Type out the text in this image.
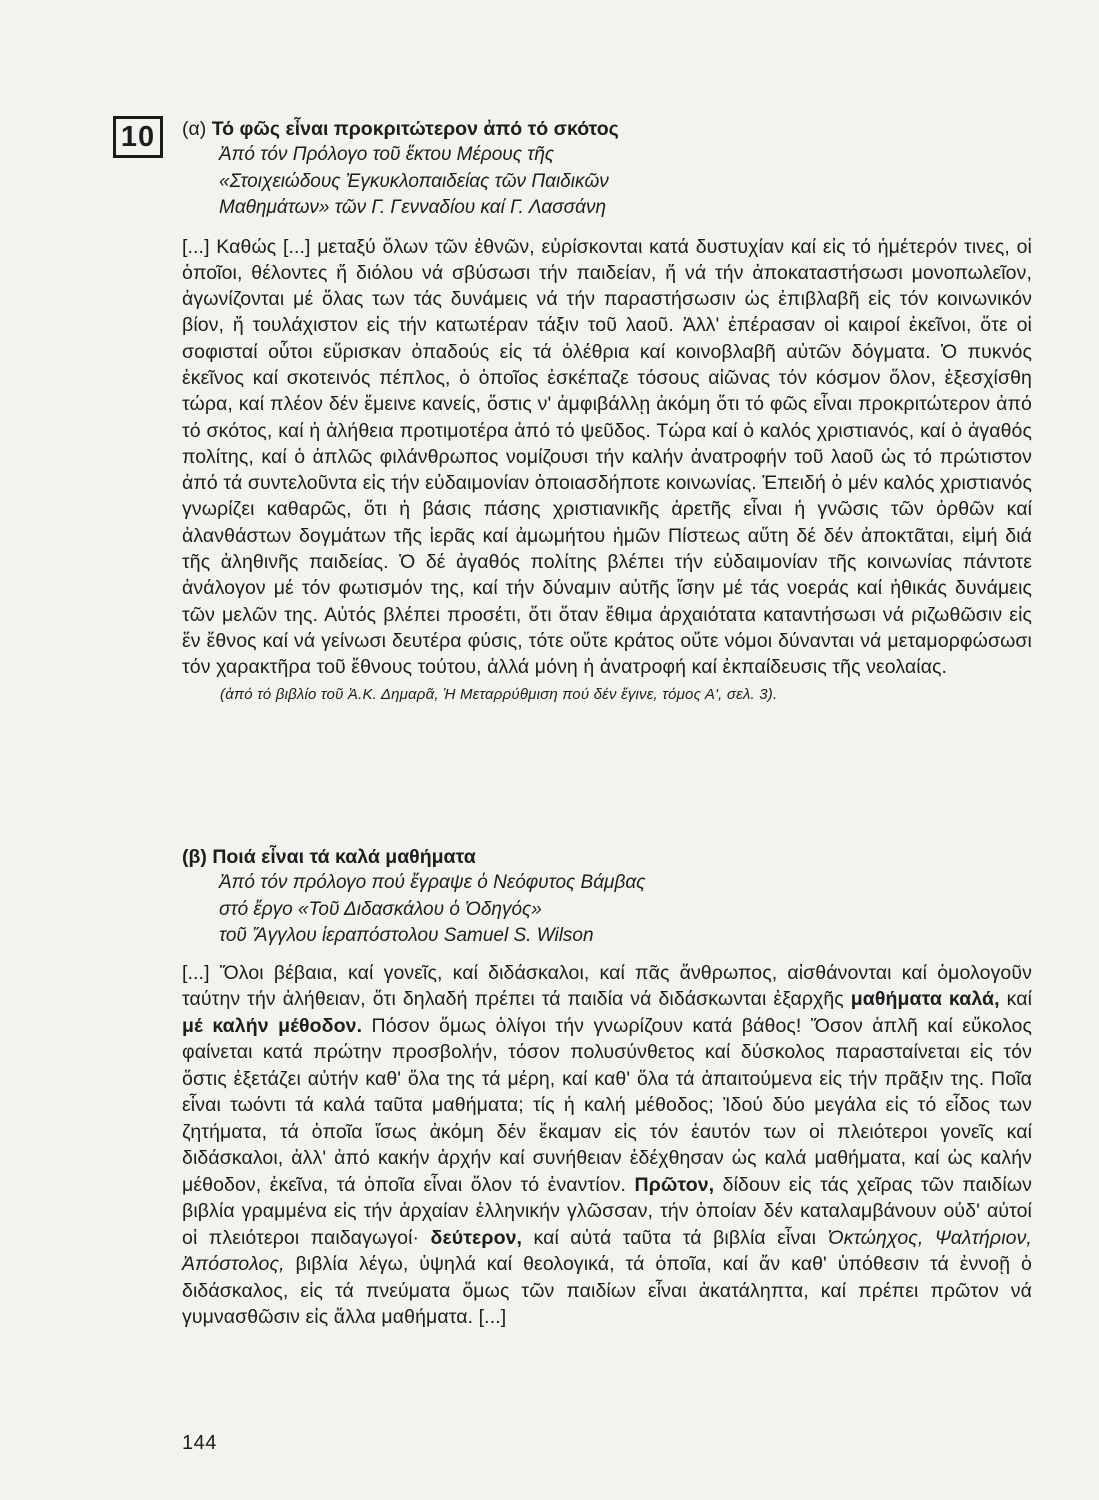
10	(α) Τό φῶς εἶναι προκριτώτερον ἀπό τό σκότος

Ἀπό τόν Πρόλογο τοῦ ἕκτου Μέρους τῆς

«Στοιχειώδους Ἐγκυκλοπαιδείας τῶν Παιδικῶν

Μαθημάτων» τῶν Γ. Γενναδίου καί Γ. Λασσάνη

[...] Καθώς [...] μεταξύ ὅλων τῶν ἐθνῶν, εὑρίσκονται κατά δυστυχίαν καί εἰς τό ἡμέτερόν τινες, οἱ ὁποῖοι, θέλοντες ἤ διόλου νά σβύσωσι τήν παιδείαν, ἤ νά τήν ἀποκαταστήσωσι μονοπωλεῖον, ἀγωνίζονται μέ ὅλας των τάς δυνάμεις νά τήν παραστήσωσιν ὡς ἐπιβλαβῆ εἰς τόν κοινωνικόν βίον, ἤ τουλάχιστον εἰς τήν κατωτέραν τάξιν τοῦ λαοῦ. Ἀλλ' ἐπέρασαν οἱ καιροί ἐκεῖνοι, ὅτε οἱ σοφισταί οὗτοι εὕρισκαν ὀπαδούς εἰς τά ὀλέθρια καί κοινοβλαβῆ αὐτῶν δόγματα. Ὁ πυκνός ἐκεῖνος καί σκοτεινός πέπλος, ὁ ὁποῖος ἐσκέπαζε τόσους αἰῶνας τόν κόσμον ὅλον, ἐξεσχίσθη τώρα, καί πλέον δέν ἔμεινε κανείς, ὅστις ν' ἀμφιβάλλῃ ἀκόμη ὅτι τό φῶς εἶναι προκριτώτερον ἀπό τό σκότος, καί ἡ ἀλήθεια προτιμοτέρα ἀπό τό ψεῦδος. Τώρα καί ὁ καλός χριστιανός, καί ὁ ἀγαθός πολίτης, καί ὁ ἁπλῶς φιλάνθρωπος νομίζουσι τήν καλήν ἀνατροφήν τοῦ λαοῦ ὡς τό πρώτιστον ἀπό τά συντελοῦντα εἰς τήν εὐδαιμονίαν ὁποιασδήποτε κοινωνίας. Ἐπειδή ὁ μέν καλός χριστιανός γνωρίζει καθαρῶς, ὅτι ἡ βάσις πάσης χριστιανικῆς ἀρετῆς εἶναι ἡ γνῶσις τῶν ὀρθῶν καί ἀλανθάστων δογμάτων τῆς ἱερᾶς καί ἀμωμήτου ἡμῶν Πίστεως αὕτη δέ δέν ἀποκτᾶται, εἰμή διά τῆς ἀληθινῆς παιδείας. Ὁ δέ ἀγαθός πολίτης βλέπει τήν εὐδαιμονίαν τῆς κοινωνίας πάντοτε ἀνάλογον μέ τόν φωτισμόν της, καί τήν δύναμιν αὐτῆς ἴσην μέ τάς νοεράς καί ἠθικάς δυνάμεις τῶν μελῶν της. Αὐτός βλέπει προσέτι, ὅτι ὅταν ἔθιμα ἀρχαιότατα καταντήσωσι νά ριζωθῶσιν εἰς ἕν ἔθνος καί νά γείνωσι δευτέρα φύσις, τότε οὔτε κράτος οὔτε νόμοι δύνανται νά μεταμορφώσωσι τόν χαρακτῆρα τοῦ ἔθνους τούτου, ἀλλά μόνη ἡ ἀνατροφή καί ἐκπαίδευσις τῆς νεολαίας.

(ἀπό τό βιβλίο τοῦ Ἀ.Κ. Δημαρᾶ, Ἡ Μεταρρύθμιση πού δέν ἔγινε, τόμος Α', σελ. 3).

(β) Ποιά εἶναι τά καλά μαθήματα

Ἀπό τόν πρόλογο πού ἔγραψε ὁ Νεόφυτος Βάμβας

στό ἔργο «Τοῦ Διδασκάλου ὁ Ὁδηγός»

τοῦ Ἄγγλου ἱεραπόστολου Samuel S. Wilson

[...] Ὅλοι βέβαια, καί γονεῖς, καί διδάσκαλοι, καί πᾶς ἄνθρωπος, αἰσθάνονται καί ὁμολογοῦν ταύτην τήν ἀλήθειαν, ὅτι δηλαδή πρέπει τά παιδία νά διδάσκωνται ἐξαρχῆς μαθήματα καλά, καί μέ καλήν μέθοδον. Πόσον ὅμως ὀλίγοι τήν γνωρίζουν κατά βάθος! Ὅσον ἁπλῆ καί εὔκολος φαίνεται κατά πρώτην προσβολήν, τόσον πολυσύνθετος καί δύσκολος παρασταίνεται εἰς τόν ὅστις ἐξετάζει αὐτήν καθ' ὅλα της τά μέρη, καί καθ' ὅλα τά ἀπαιτούμενα εἰς τήν πρᾶξιν της. Ποῖα εἶναι τωόντι τά καλά ταῦτα μαθήματα; τίς ἡ καλή μέθοδος; Ἰδού δύο μεγάλα εἰς τό εἶδος των ζητήματα, τά ὁποῖα ἴσως ἀκόμη δέν ἔκαμαν εἰς τόν ἑαυτόν των οἱ πλειότεροι γονεῖς καί διδάσκαλοι, ἀλλ' ἀπό κακήν ἀρχήν καί συνήθειαν ἐδέχθησαν ὡς καλά μαθήματα, καί ὡς καλήν μέθοδον, ἐκεῖνα, τά ὁποῖα εἶναι ὅλον τό ἐναντίον. Πρῶτον, δίδουν εἰς τάς χεῖρας τῶν παιδίων βιβλία γραμμένα εἰς τήν ἀρχαίαν ἑλληνικήν γλῶσσαν, τήν ὁποίαν δέν καταλαμβάνουν οὐδ' αὐτοί οἱ πλειότεροι παιδαγωγοί· δεύτερον, καί αὐτά ταῦτα τά βιβλία εἶναι Ὀκτώηχος, Ψαλτήριον, Ἀπόστολος, βιβλία λέγω, ὑψηλά καί θεολογικά, τά ὁποῖα, καί ἄν καθ' ὑπόθεσιν τά ἐννοῇ ὁ διδάσκαλος, εἰς τά πνεύματα ὅμως τῶν παιδίων εἶναι ἀκατάληπτα, καί πρέπει πρῶτον νά γυμνασθῶσιν εἰς ἄλλα μαθήματα. [...]

144
